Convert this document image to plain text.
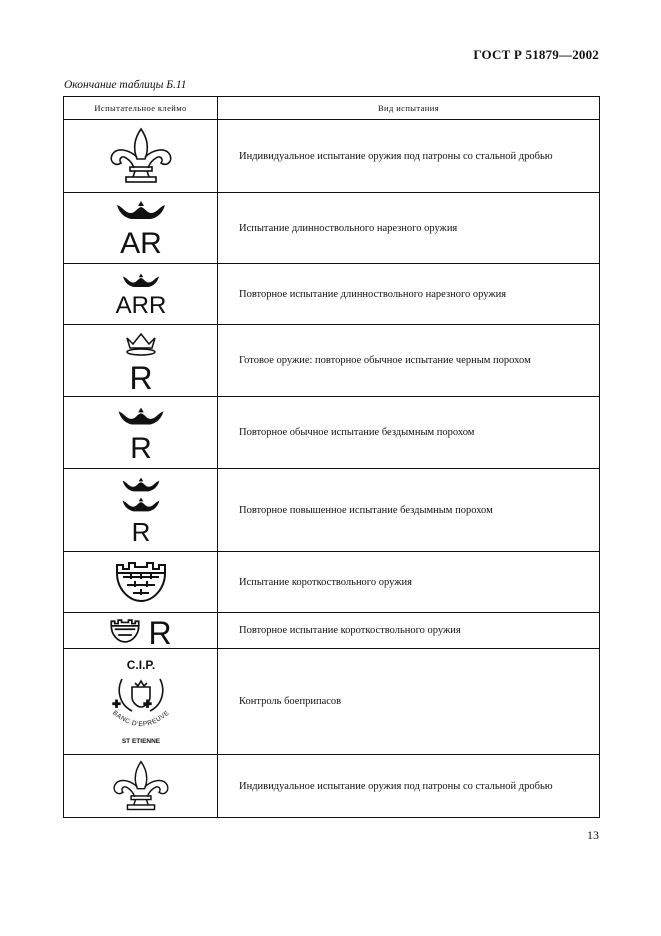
ГОСТ Р 51879—2002
Окончание таблицы Б.11
Испытательное клеймо	Вид испытания

	Индивидуальное испытание оружия под патроны со стальной дробью

AR	Испытание длинноствольного нарезного оружия

ARR	Повторное испытание длинноствольного нарезного оружия

R	Готовое оружие: повторное обычное испытание черным порохом

R	Повторное обычное испытание бездымным порохом

R	Повторное повышенное испытание бездымным порохом

	Испытание короткоствольного оружия

R	Повторное испытание короткоствольного оружия

C.I.P.
BANC D'EPREUVE
ST ETIENNE	Контроль боеприпасов

	Индивидуальное испытание оружия под патроны со стальной дробью
13
